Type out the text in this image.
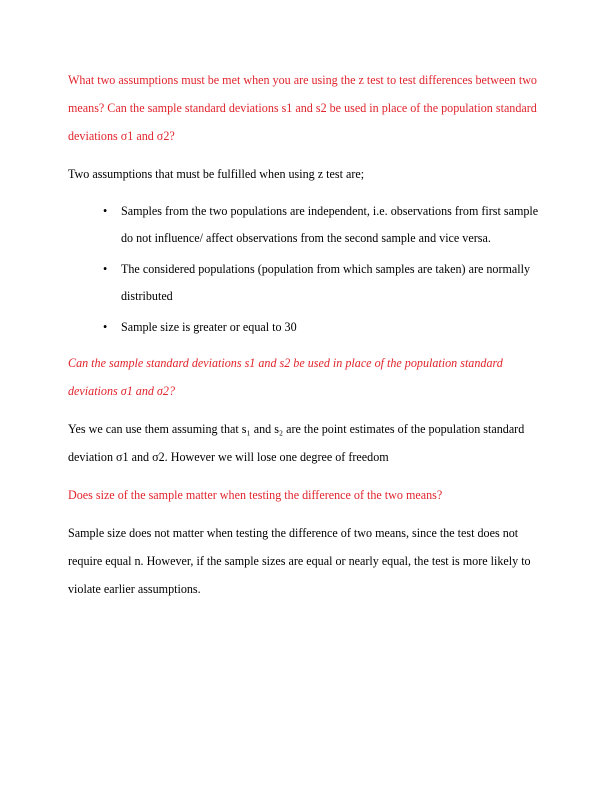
What two assumptions must be met when you are using the z test to test differences between two means? Can the sample standard deviations s1 and s2 be used in place of the population standard deviations σ1 and σ2?

Two assumptions that must be fulfilled when using z test are;

•	Samples from the two populations are independent, i.e. observations from first sample do not influence/ affect observations from the second sample and vice versa.
•	The considered populations (population from which samples are taken) are normally distributed
•	Sample size is greater or equal to 30

Can the sample standard deviations s1 and s2 be used in place of the population standard deviations σ1 and σ2?

Yes we can use them assuming that s₁ and s₂ are the point estimates of the population standard deviation σ1 and σ2. However we will lose one degree of freedom

Does size of the sample matter when testing the difference of the two means?

Sample size does not matter when testing the difference of two means, since the test does not require equal n. However, if the sample sizes are equal or nearly equal, the test is more likely to violate earlier assumptions.
